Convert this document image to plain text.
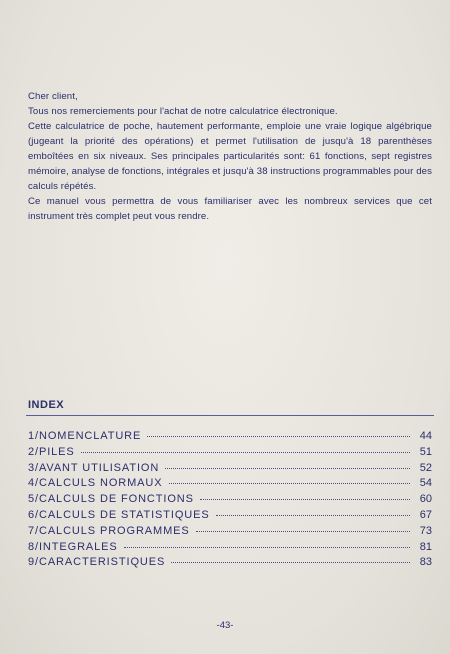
Cher client,

Tous nos remerciements pour l'achat de notre calculatrice électronique.

Cette calculatrice de poche, hautement performante, emploie une vraie logique algébrique (jugeant la priorité des opérations) et permet l'utilisation de jusqu'à 18 parenthèses emboîtées en six niveaux. Ses principales particularités sont: 61 fonctions, sept registres mémoire, analyse de fonctions, intégrales et jusqu'à 38 instructions programmables pour des calculs répétés.

Ce manuel vous permettra de vous familiariser avec les nombreux services que cet instrument très complet peut vous rendre.

INDEX
1/NOMENCLATURE	44
2/PILES	51
3/AVANT UTILISATION	52
4/CALCULS NORMAUX	54
5/CALCULS DE FONCTIONS	60
6/CALCULS DE STATISTIQUES	67
7/CALCULS PROGRAMMES	73
8/INTEGRALES	81
9/CARACTERISTIQUES	83
-43-
